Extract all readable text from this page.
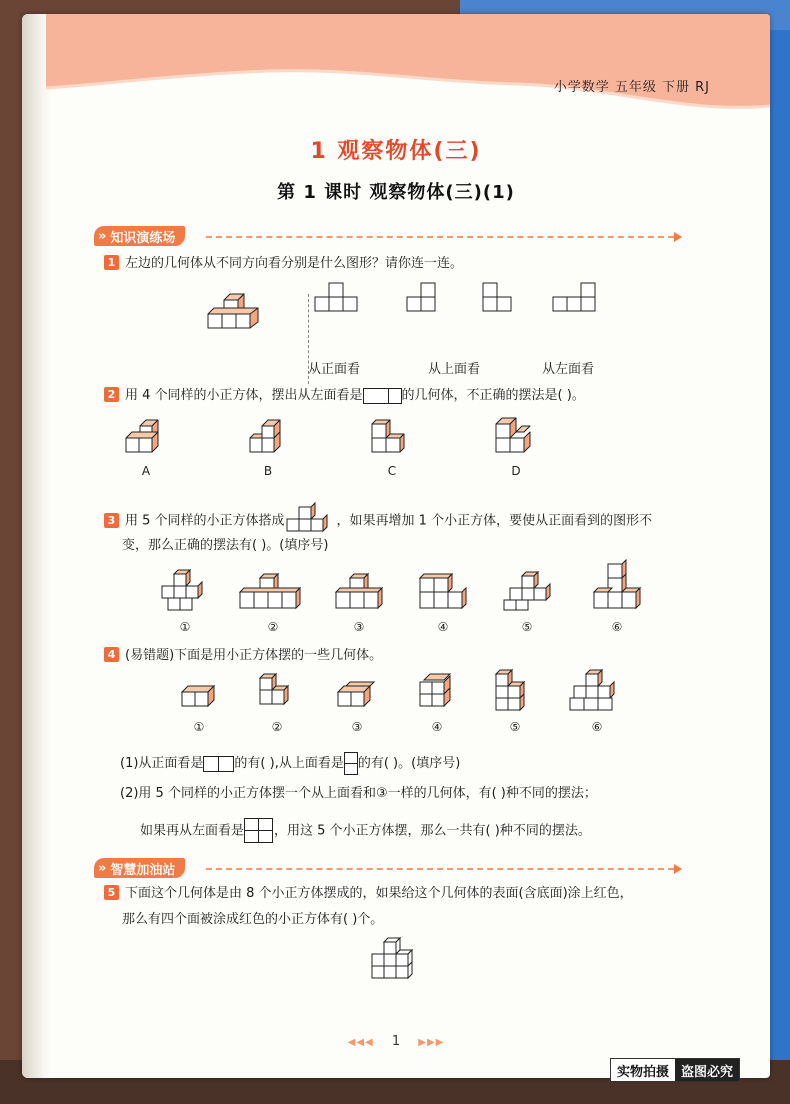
小学数学 五年级 下册 RJ
1 观察物体(三)
第 1 课时 观察物体(三)(1)
» 知识演练场
1 左边的几何体从不同方向看分别是什么图形？请你连一连。
从正面看	从上面看	从左面看
2 用 4 个同样的小正方体，摆出从左面看是	的几何体，不正确的摆法是( )。
A	B	C	D
3 用 5 个同样的小正方体搭成	，如果再增加 1 个小正方体，要使从正面看到的图形不
变，那么正确的摆法有( )。(填序号)
①	②	③	④	⑤	⑥
4 (易错题)下面是用小正方体摆的一些几何体。
①	②	③	④	⑤	⑥
(1)从正面看是 的有( ),从上面看是 的有( )。(填序号)
(2)用 5 个同样的小正方体摆一个从上面看和③一样的几何体，有( )种不同的摆法；
如果再从左面看是 ，用这 5 个小正方体摆，那么一共有( )种不同的摆法。
» 智慧加油站
5 下面这个几何体是由 8 个小正方体摆成的，如果给这个几何体的表面(含底面)涂上红色，
那么有四个面被涂成红色的小正方体有( )个。
◀◀◀ 1 ▶▶▶
实物拍摄 盗图必究
